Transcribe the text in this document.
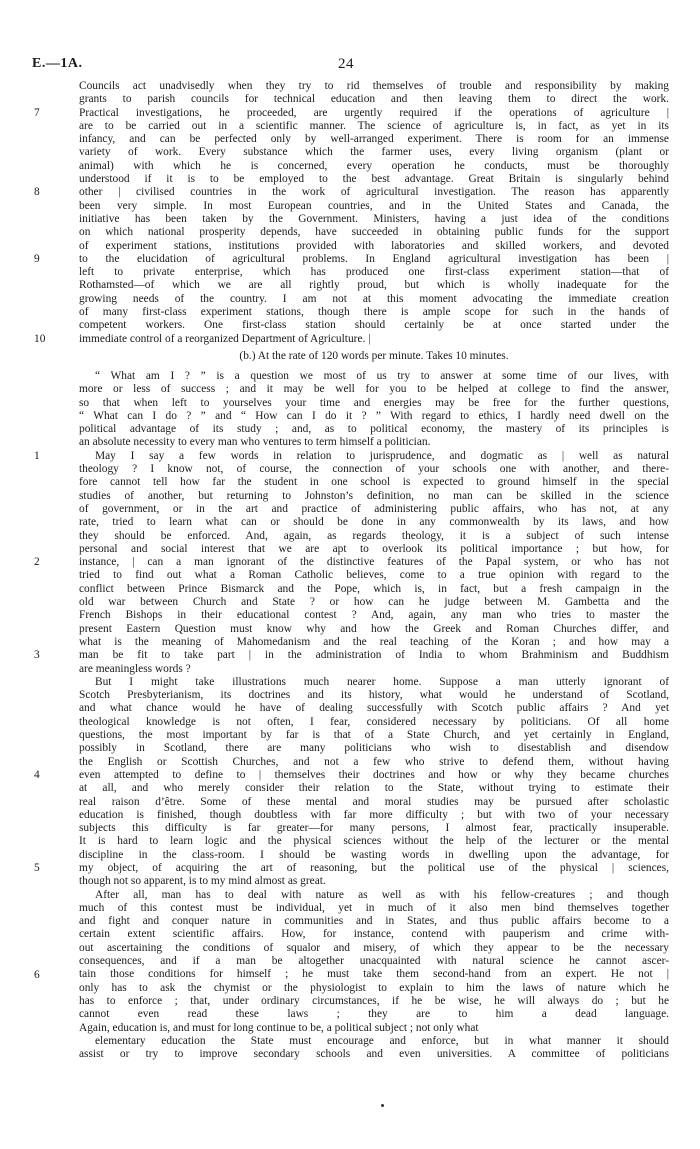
E.—1A.	24
Councils act unadvisedly when they try to rid themselves of trouble and responsibility by making
grants to parish councils for technical education and then leaving them to direct the work.
Practical investigations, he proceeded, are urgently required if the operations of agriculture |
are to be carried out in a scientific manner. The science of agriculture is, in fact, as yet in its
infancy, and can be perfected only by well-arranged experiment. There is room for an immense
variety of work. Every substance which the farmer uses, every living organism (plant or
animal) with which he is concerned, every operation he conducts, must be thoroughly
understood if it is to be employed to the best advantage. Great Britain is singularly behind
other | civilised countries in the work of agricultural investigation. The reason has apparently
been very simple. In most European countries, and in the United States and Canada, the
initiative has been taken by the Government. Ministers, having a just idea of the conditions
on which national prosperity depends, have succeeded in obtaining public funds for the support
of experiment stations, institutions provided with laboratories and skilled workers, and devoted
to the elucidation of agricultural problems. In England agricultural investigation has been |
left to private enterprise, which has produced one first-class experiment station—that of
Rothamsted—of which we are all rightly proud, but which is wholly inadequate for the
growing needs of the country. I am not at this moment advocating the immediate creation
of many first-class experiment stations, though there is ample scope for such in the hands of
competent workers. One first-class station should certainly be at once started under the
immediate control of a reorganized Department of Agriculture. |
7
8
9
10
(b.) At the rate of 120 words per minute. Takes 10 minutes.
“ What am I ? ” is a question we most of us try to answer at some time of our lives, with
more or less of success ; and it may be well for you to be helped at college to find the answer,
so that when left to yourselves your time and energies may be free for the further questions,
“ What can I do ? ” and “ How can I do it ? ” With regard to ethics, I hardly need dwell on the
political advantage of its study ; and, as to political economy, the mastery of its principles is
an absolute necessity to every man who ventures to term himself a politician.
May I say a few words in relation to jurisprudence, and dogmatic as | well as natural
theology ? I know not, of course, the connection of your schools one with another, and there-
fore cannot tell how far the student in one school is expected to ground himself in the special
studies of another, but returning to Johnston’s definition, no man can be skilled in the science
of government, or in the art and practice of administering public affairs, who has not, at any
rate, tried to learn what can or should be done in any commonwealth by its laws, and how
they should be enforced. And, again, as regards theology, it is a subject of such intense
personal and social interest that we are apt to overlook its political importance ; but how, for
instance, | can a man ignorant of the distinctive features of the Papal system, or who has not
tried to find out what a Roman Catholic believes, come to a true opinion with regard to the
conflict between Prince Bismarck and the Pope, which is, in fact, but a fresh campaign in the
old war between Church and State ? or how can he judge between M. Gambetta and the
French Bishops in their educational contest ? And, again, any man who tries to master the
present Eastern Question must know why and how the Greek and Roman Churches differ, and
what is the meaning of Mahomedanism and the real teaching of the Koran ; and how may a
man be fit to take part | in the administration of India to whom Brahminism and Buddhism
are meaningless words ?
But I might take illustrations much nearer home. Suppose a man utterly ignorant of
Scotch Presbyterianism, its doctrines and its history, what would he understand of Scotland,
and what chance would he have of dealing successfully with Scotch public affairs ? And yet
theological knowledge is not often, I fear, considered necessary by politicians. Of all home
questions, the most important by far is that of a State Church, and yet certainly in England,
possibly in Scotland, there are many politicians who wish to disestablish and disendow
the English or Scottish Churches, and not a few who strive to defend them, without having
even attempted to define to | themselves their doctrines and how or why they became churches
at all, and who merely consider their relation to the State, without trying to estimate their
real raison d’être. Some of these mental and moral studies may be pursued after scholastic
education is finished, though doubtless with far more difficulty ; but with two of your necessary
subjects this difficulty is far greater—for many persons, I almost fear, practically insuperable.
It is hard to learn logic and the physical sciences without the help of the lecturer or the mental
discipline in the class-room. I should be wasting words in dwelling upon the advantage, for
my object, of acquiring the art of reasoning, but the political use of the physical | sciences,
though not so apparent, is to my mind almost as great.
After all, man has to deal with nature as well as with his fellow-creatures ; and though
much of this contest must be individual, yet in much of it also men bind themselves together
and fight and conquer nature in communities and in States, and thus public affairs become to a
certain extent scientific affairs. How, for instance, contend with pauperism and crime with-
out ascertaining the conditions of squalor and misery, of which they appear to be the necessary
consequences, and if a man be altogether unacquainted with natural science he cannot ascer-
tain those conditions for himself ; he must take them second-hand from an expert. He not |
only has to ask the chymist or the physiologist to explain to him the laws of nature which he
has to enforce ; that, under ordinary circumstances, if he be wise, he will always do ; but he
cannot even read these laws ; they are to him a dead language.
Again, education is, and must for long continue to be, a political subject ; not only what
elementary education the State must encourage and enforce, but in what manner it should
assist or try to improve secondary schools and even universities. A committee of politicians
1
2
3
4
5
6
